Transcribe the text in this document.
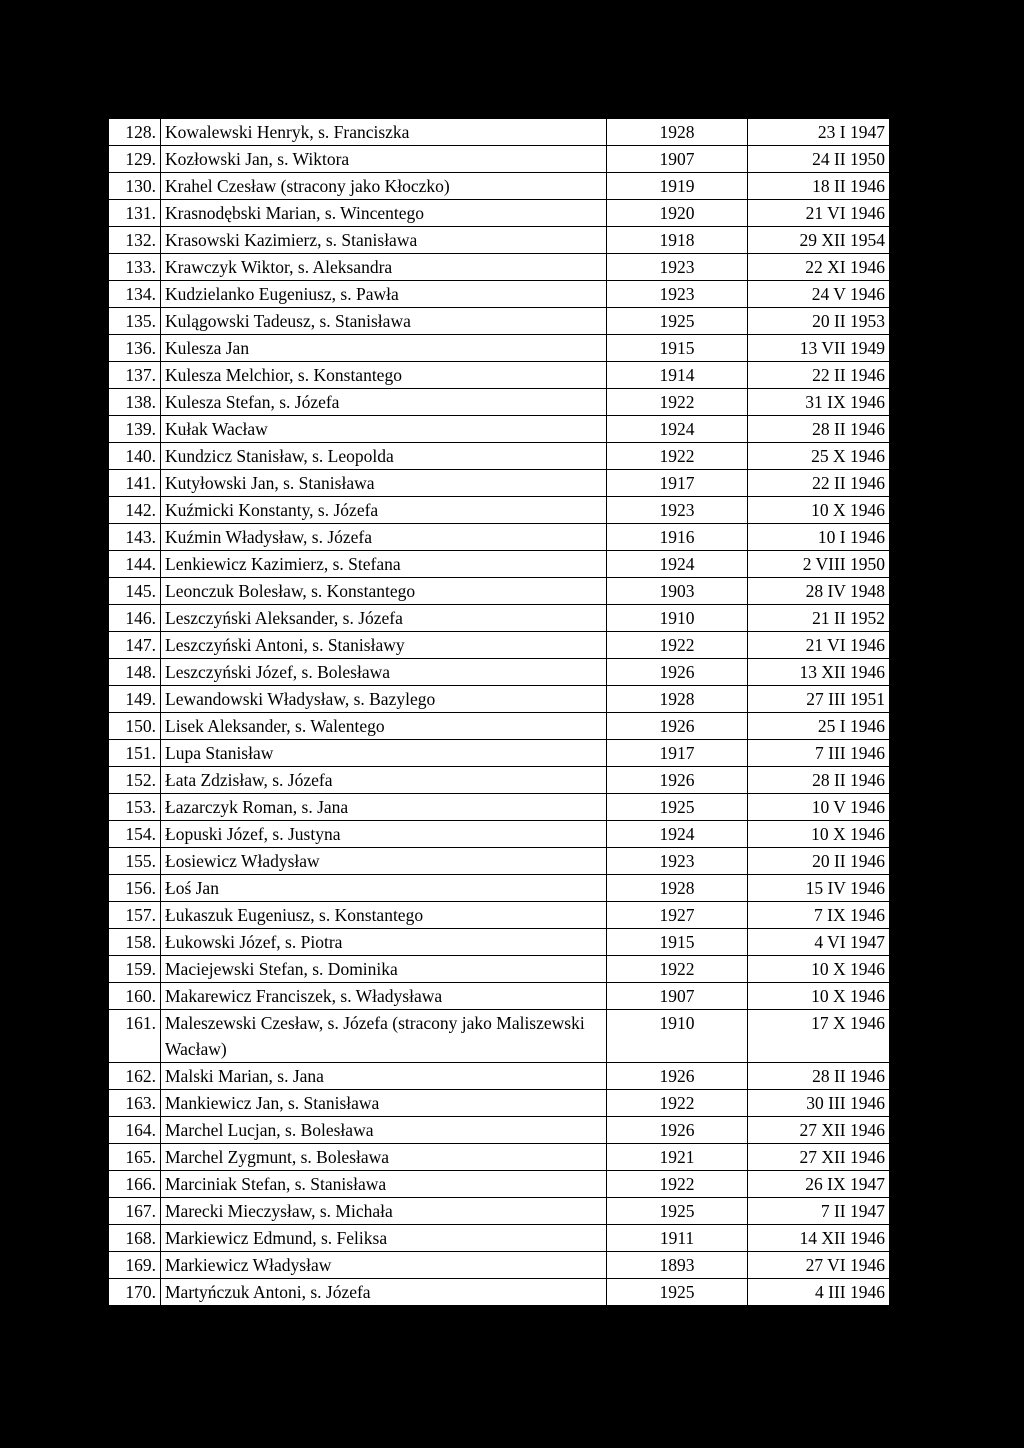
128.	Kowalewski Henryk, s. Franciszka	1928	23 I 1947
129.	Kozłowski Jan, s. Wiktora	1907	24 II 1950
130.	Krahel Czesław (stracony jako Kłoczko)	1919	18 II 1946
131.	Krasnodębski Marian, s. Wincentego	1920	21 VI 1946
132.	Krasowski Kazimierz, s. Stanisława	1918	29 XII 1954
133.	Krawczyk Wiktor, s. Aleksandra	1923	22 XI 1946
134.	Kudzielanko Eugeniusz, s. Pawła	1923	24 V 1946
135.	Kulągowski Tadeusz, s. Stanisława	1925	20 II 1953
136.	Kulesza Jan	1915	13 VII 1949
137.	Kulesza Melchior, s. Konstantego	1914	22 II 1946
138.	Kulesza Stefan, s. Józefa	1922	31 IX 1946
139.	Kułak Wacław	1924	28 II 1946
140.	Kundzicz Stanisław, s. Leopolda	1922	25 X 1946
141.	Kutyłowski Jan, s. Stanisława	1917	22 II 1946
142.	Kuźmicki Konstanty, s. Józefa	1923	10 X 1946
143.	Kuźmin Władysław, s. Józefa	1916	10 I 1946
144.	Lenkiewicz Kazimierz, s. Stefana	1924	2 VIII 1950
145.	Leonczuk Bolesław, s. Konstantego	1903	28 IV 1948
146.	Leszczyński Aleksander, s. Józefa	1910	21 II 1952
147.	Leszczyński Antoni, s. Stanisławy	1922	21 VI 1946
148.	Leszczyński Józef, s. Bolesława	1926	13 XII 1946
149.	Lewandowski Władysław, s. Bazylego	1928	27 III 1951
150.	Lisek Aleksander, s. Walentego	1926	25 I 1946
151.	Lupa Stanisław	1917	7 III 1946
152.	Łata Zdzisław, s. Józefa	1926	28 II 1946
153.	Łazarczyk Roman, s. Jana	1925	10 V 1946
154.	Łopuski Józef, s. Justyna	1924	10 X 1946
155.	Łosiewicz Władysław	1923	20 II 1946
156.	Łoś Jan	1928	15 IV 1946
157.	Łukaszuk Eugeniusz, s. Konstantego	1927	7 IX 1946
158.	Łukowski Józef, s. Piotra	1915	4 VI 1947
159.	Maciejewski Stefan, s. Dominika	1922	10 X 1946
160.	Makarewicz Franciszek, s. Władysława	1907	10 X 1946
161.	Maleszewski Czesław, s. Józefa (stracony jako Maliszewski Wacław)	1910	17 X 1946
162.	Malski Marian, s. Jana	1926	28 II 1946
163.	Mankiewicz Jan, s. Stanisława	1922	30 III 1946
164.	Marchel Lucjan, s. Bolesława	1926	27 XII 1946
165.	Marchel Zygmunt, s. Bolesława	1921	27 XII 1946
166.	Marciniak Stefan, s. Stanisława	1922	26 IX 1947
167.	Marecki Mieczysław, s. Michała	1925	7 II 1947
168.	Markiewicz Edmund, s. Feliksa	1911	14 XII 1946
169.	Markiewicz Władysław	1893	27 VI 1946
170.	Martyńczuk Antoni, s. Józefa	1925	4 III 1946
